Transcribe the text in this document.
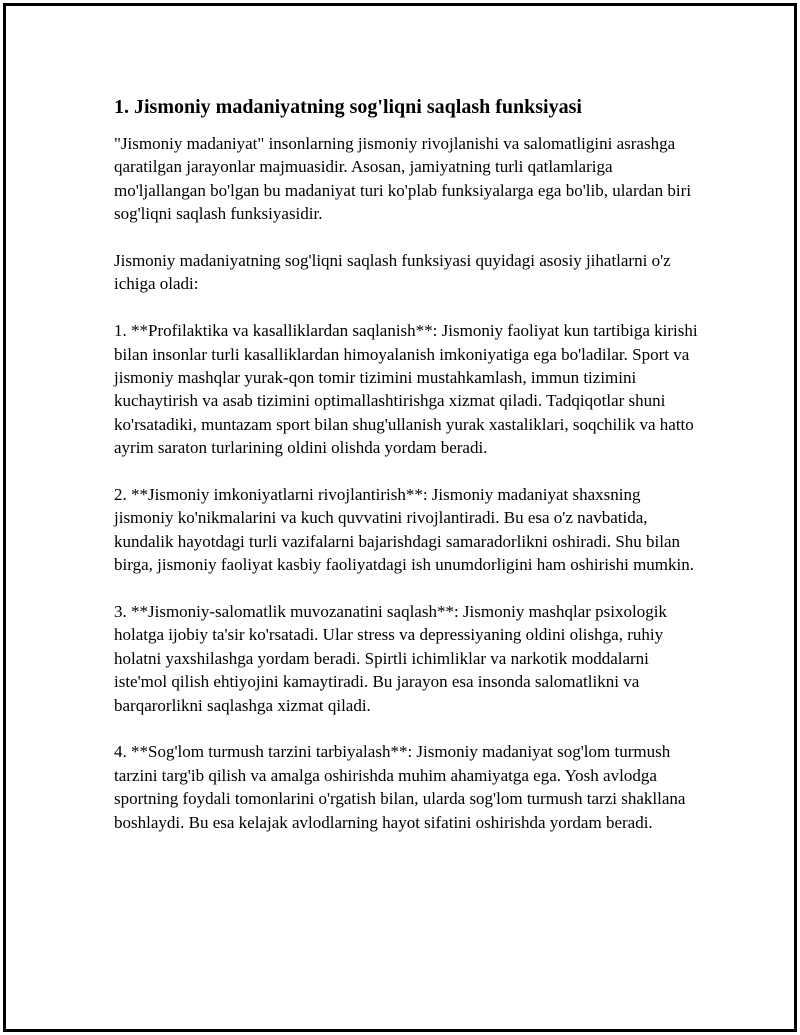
1. Jismoniy madaniyatning sog'liqni saqlash funksiyasi

"Jismoniy madaniyat" insonlarning jismoniy rivojlanishi va salomatligini asrashga qaratilgan jarayonlar majmuasidir. Asosan, jamiyatning turli qatlamlariga mo'ljallangan bo'lgan bu madaniyat turi ko'plab funksiyalarga ega bo'lib, ulardan biri sog'liqni saqlash funksiyasidir.

Jismoniy madaniyatning sog'liqni saqlash funksiyasi quyidagi asosiy jihatlarni o'z ichiga oladi:

1. **Profilaktika va kasalliklardan saqlanish**: Jismoniy faoliyat kun tartibiga kirishi bilan insonlar turli kasalliklardan himoyalanish imkoniyatiga ega bo'ladilar. Sport va jismoniy mashqlar yurak-qon tomir tizimini mustahkamlash, immun tizimini kuchaytirish va asab tizimini optimallashtirishga xizmat qiladi. Tadqiqotlar shuni ko'rsatadiki, muntazam sport bilan shug'ullanish yurak xastaliklari, soqchilik va hatto ayrim saraton turlarining oldini olishda yordam beradi.

2. **Jismoniy imkoniyatlarni rivojlantirish**: Jismoniy madaniyat shaxsning jismoniy ko'nikmalarini va kuch quvvatini rivojlantiradi. Bu esa o'z navbatida, kundalik hayotdagi turli vazifalarni bajarishdagi samaradorlikni oshiradi. Shu bilan birga, jismoniy faoliyat kasbiy faoliyatdagi ish unumdorligini ham oshirishi mumkin.

3. **Jismoniy-salomatlik muvozanatini saqlash**: Jismoniy mashqlar psixologik holatga ijobiy ta'sir ko'rsatadi. Ular stress va depressiyaning oldini olishga, ruhiy holatni yaxshilashga yordam beradi. Spirtli ichimliklar va narkotik moddalarni iste'mol qilish ehtiyojini kamaytiradi. Bu jarayon esa insonda salomatlikni va barqarorlikni saqlashga xizmat qiladi.

4. **Sog'lom turmush tarzini tarbiyalash**: Jismoniy madaniyat sog'lom turmush tarzini targ'ib qilish va amalga oshirishda muhim ahamiyatga ega. Yosh avlodga sportning foydali tomonlarini o'rgatish bilan, ularda sog'lom turmush tarzi shakllana boshlaydi. Bu esa kelajak avlodlarning hayot sifatini oshirishda yordam beradi.
